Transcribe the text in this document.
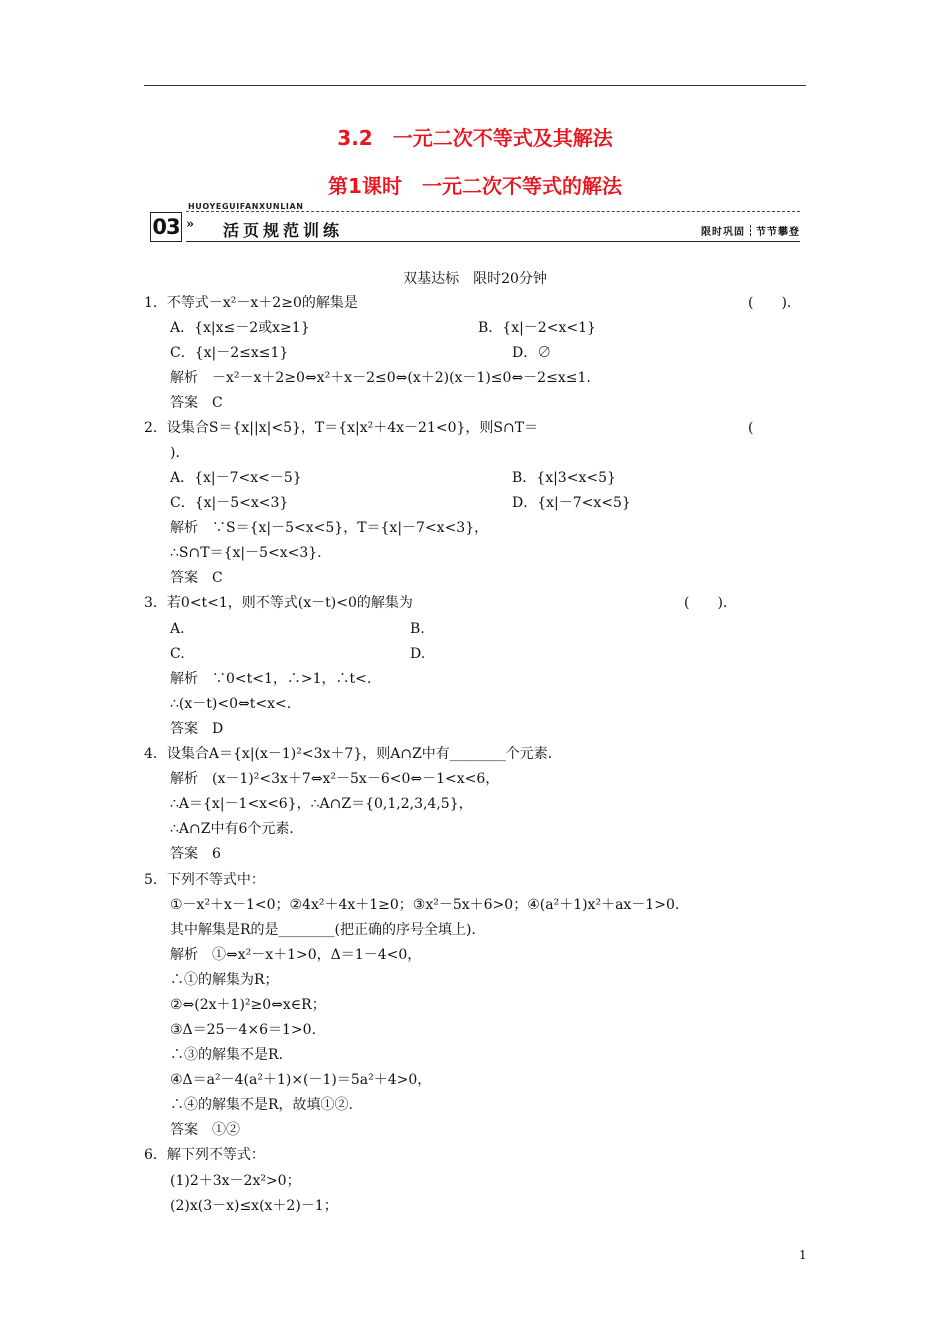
3.2　一元二次不等式及其解法
第1课时　一元二次不等式的解法
HUOYEGUIFANXUNLIAN
03 » 活页规范训练	限时巩固 节节攀登
双基达标　限时20分钟
1．不等式－x²－x＋2≥0的解集是	(　　)．
A．{x|x≤－2或x≥1}	B．{x|－2<x<1}
C．{x|－2≤x≤1}	D．∅
解析　－x²－x＋2≥0⇔x²＋x－2≤0⇔(x＋2)(x－1)≤0⇔－2≤x≤1.
答案　C
2．设集合S＝{x||x|<5}，T＝{x|x²＋4x－21<0}，则S∩T＝	(
)．
A．{x|－7<x<－5}	B．{x|3<x<5}
C．{x|－5<x<3}	D．{x|－7<x<5}
解析　∵S＝{x|－5<x<5}，T＝{x|－7<x<3}，
∴S∩T＝{x|－5<x<3}.
答案　C
3．若0<t<1，则不等式(x－t)<0的解集为	(　　)．
A.	B.
C.	D.
解析　∵0<t<1，∴>1，∴t<.
∴(x－t)<0⇔t<x<.
答案　D
4．设集合A＝{x|(x－1)²<3x＋7}，则A∩Z中有________个元素．
解析　(x－1)²<3x＋7⇔x²－5x－6<0⇔－1<x<6，
∴A＝{x|－1<x<6}，∴A∩Z＝{0,1,2,3,4,5}，
∴A∩Z中有6个元素．
答案　6
5．下列不等式中：
①－x²＋x－1<0；②4x²＋4x＋1≥0；③x²－5x＋6>0；④(a²＋1)x²＋ax－1>0.
其中解集是R的是________(把正确的序号全填上)．
解析　①⇔x²－x＋1>0，Δ＝1－4<0，
∴①的解集为R；
②⇔(2x＋1)²≥0⇔x∈R；
③Δ＝25－4×6＝1>0.
∴③的解集不是R.
④Δ＝a²－4(a²＋1)×(－1)＝5a²＋4>0，
∴④的解集不是R，故填①②.
答案　①②
6．解下列不等式：
(1)2＋3x－2x²>0；
(2)x(3－x)≤x(x＋2)－1；
1
